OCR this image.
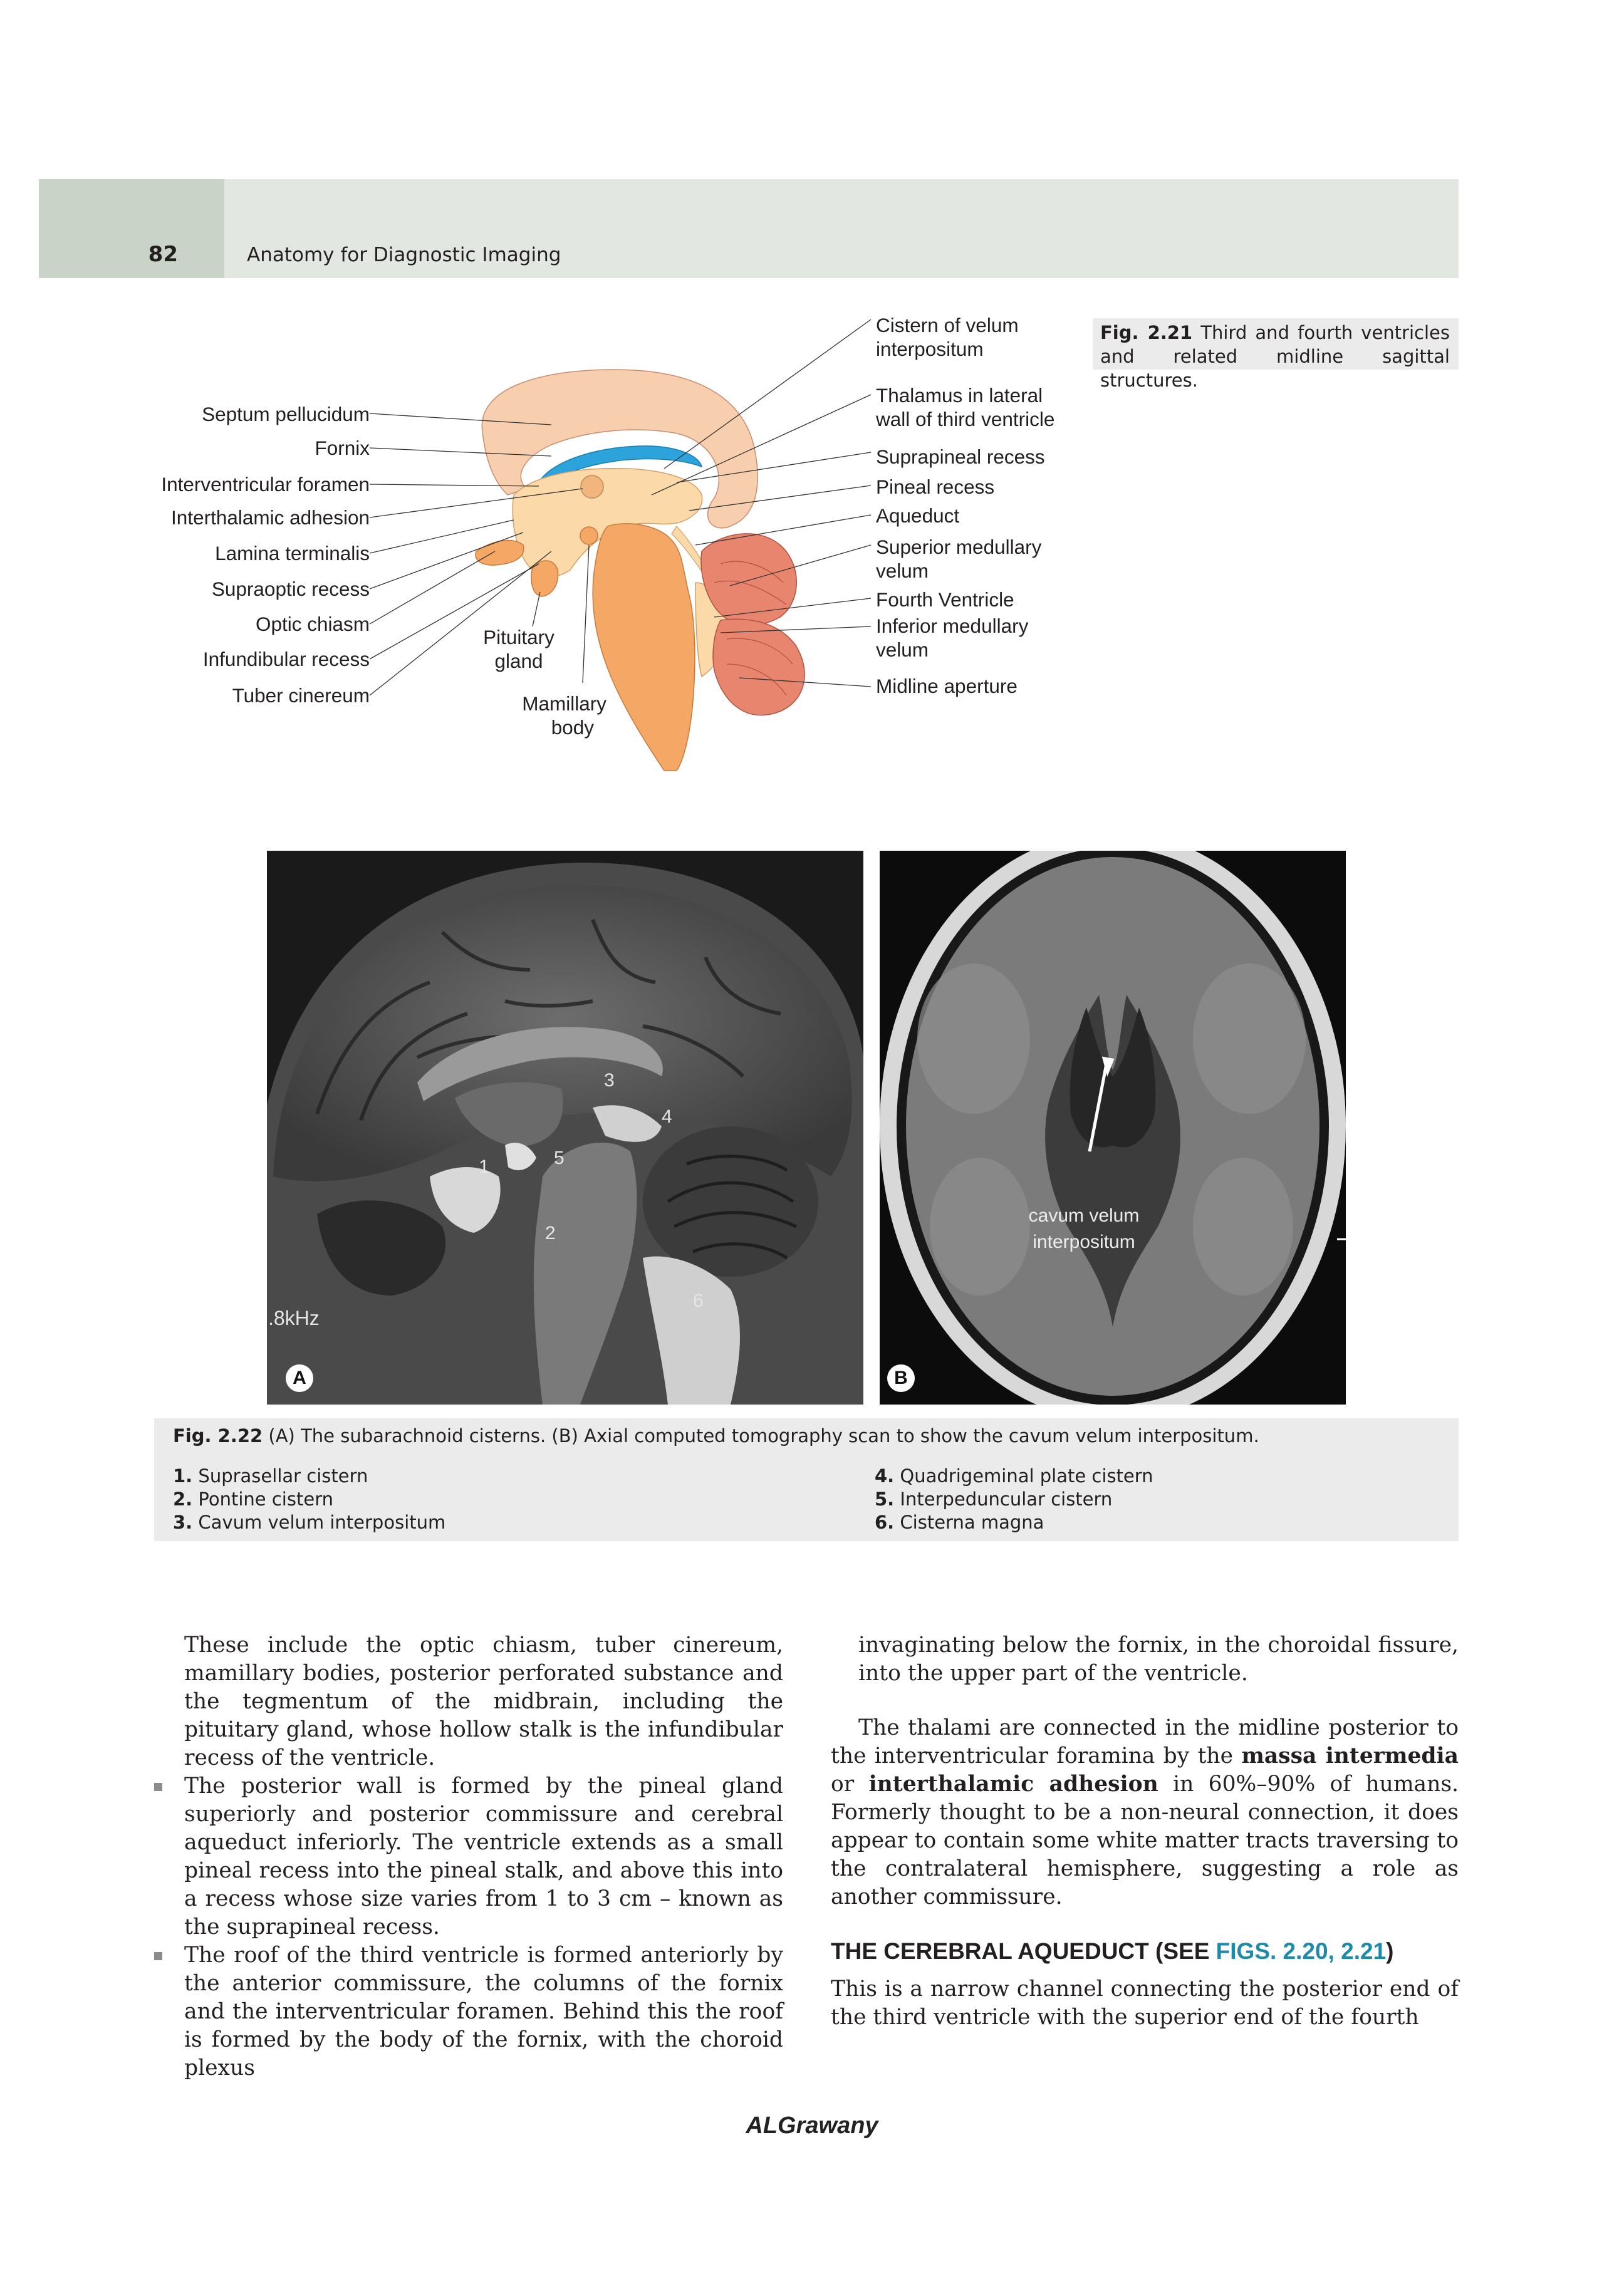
82	Anatomy for Diagnostic Imaging
Fig. 2.21 Third and fourth ventricles and related midline sagittal structures.
Septum pellucidum
Fornix
Interventricular foramen
Interthalamic adhesion
Lamina terminalis
Supraoptic recess
Optic chiasm
Infundibular recess
Tuber cinereum
Pituitary
gland
Mamillary
body
Cistern of velum
interpositum
Thalamus in lateral
wall of third ventricle
Suprapineal recess
Pineal recess
Aqueduct
Superior medullary
velum
Fourth Ventricle
Inferior medullary
velum
Midline aperture
1
2
3
4
5
6
.8kHz
A
cavum velum
interpositum
B
Fig. 2.22 (A) The subarachnoid cisterns. (B) Axial computed tomography scan to show the cavum velum interpositum.
1. Suprasellar cistern
2. Pontine cistern
3. Cavum velum interpositum
4. Quadrigeminal plate cistern
5. Interpeduncular cistern
6. Cisterna magna
These include the optic chiasm, tuber cinereum, mamillary bodies, posterior perforated substance and the tegmentum of the midbrain, including the pituitary gland, whose hollow stalk is the infundibular recess of the ventricle.
The posterior wall is formed by the pineal gland superiorly and posterior commissure and cerebral aqueduct inferiorly. The ventricle extends as a small pineal recess into the pineal stalk, and above this into a recess whose size varies from 1 to 3 cm – known as the suprapineal recess.
The roof of the third ventricle is formed anteriorly by the anterior commissure, the columns of the fornix and the interventricular foramen. Behind this the roof is formed by the body of the fornix, with the choroid plexus
invaginating below the fornix, in the choroidal fissure, into the upper part of the ventricle.
The thalami are connected in the midline posterior to the interventricular foramina by the massa intermedia or interthalamic adhesion in 60%–90% of humans. Formerly thought to be a non-neural connection, it does appear to contain some white matter tracts traversing to the contralateral hemisphere, suggesting a role as another commissure.
THE CEREBRAL AQUEDUCT (SEE FIGS. 2.20, 2.21)
This is a narrow channel connecting the posterior end of the third ventricle with the superior end of the fourth
ALGrawany
